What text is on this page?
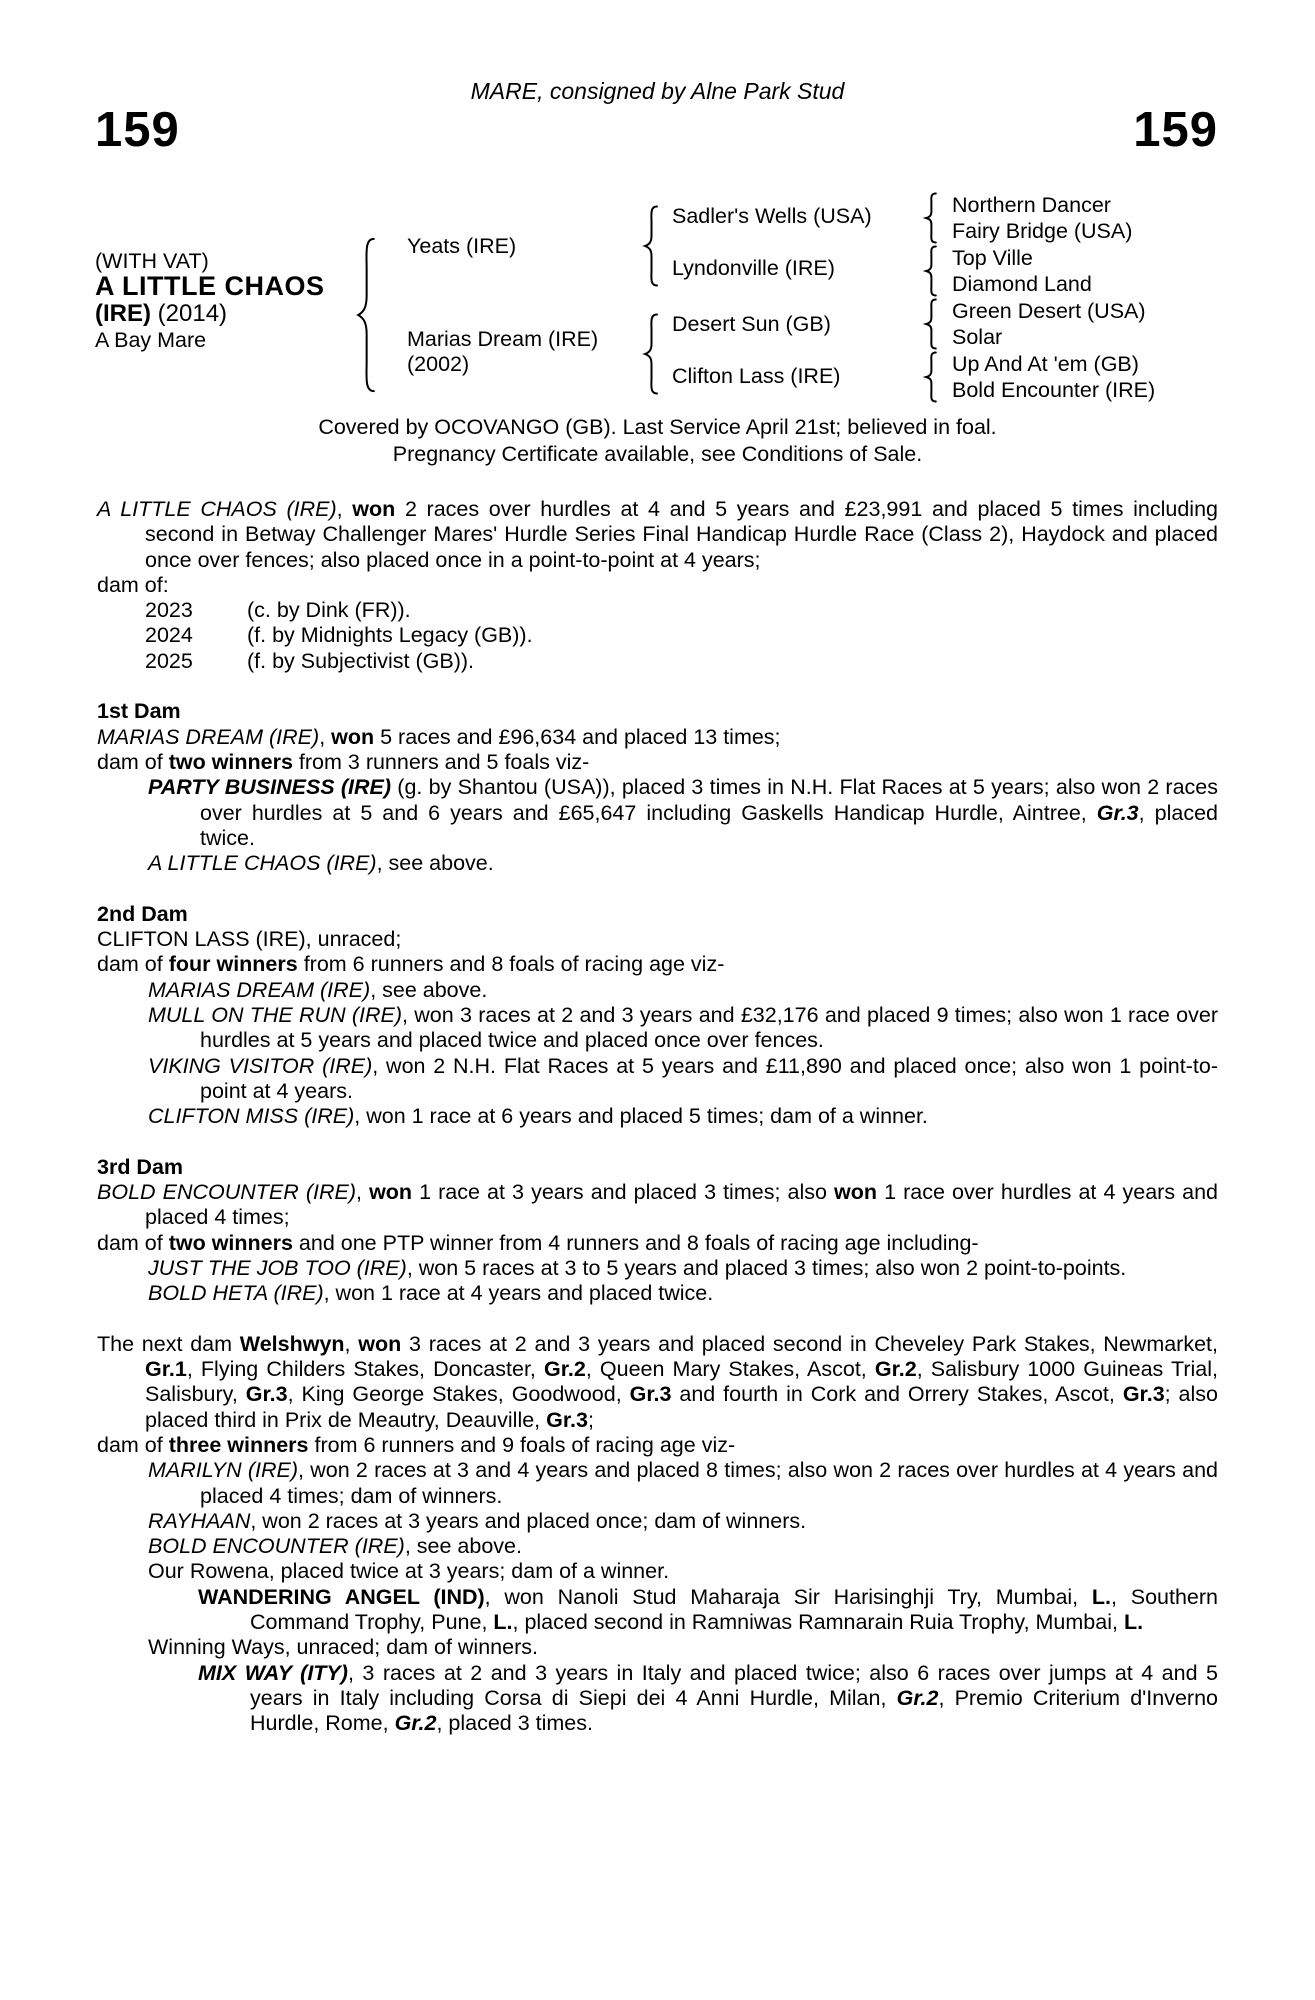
MARE, consigned by Alne Park Stud
159	159
(WITH VAT)
A LITTLE CHAOS
(IRE) (2014)
A Bay Mare
Yeats (IRE)
Marias Dream (IRE)
(2002)
Sadler's Wells (USA)
Lyndonville (IRE)
Desert Sun (GB)
Clifton Lass (IRE)
Northern Dancer
Fairy Bridge (USA)
Top Ville
Diamond Land
Green Desert (USA)
Solar
Up And At 'em (GB)
Bold Encounter (IRE)
Covered by OCOVANGO (GB). Last Service April 21st; believed in foal.
Pregnancy Certificate available, see Conditions of Sale.
A LITTLE CHAOS (IRE), won 2 races over hurdles at 4 and 5 years and £23,991 and placed 5 times including second in Betway Challenger Mares' Hurdle Series Final Handicap Hurdle Race (Class 2), Haydock and placed once over fences; also placed once in a point-to-point at 4 years;
dam of:
2023	(c. by Dink (FR)).
2024	(f. by Midnights Legacy (GB)).
2025	(f. by Subjectivist (GB)).
1st Dam
MARIAS DREAM (IRE), won 5 races and £96,634 and placed 13 times;
dam of two winners from 3 runners and 5 foals viz-
PARTY BUSINESS (IRE) (g. by Shantou (USA)), placed 3 times in N.H. Flat Races at 5 years; also won 2 races over hurdles at 5 and 6 years and £65,647 including Gaskells Handicap Hurdle, Aintree, Gr.3, placed twice.
A LITTLE CHAOS (IRE), see above.
2nd Dam
CLIFTON LASS (IRE), unraced;
dam of four winners from 6 runners and 8 foals of racing age viz-
MARIAS DREAM (IRE), see above.
MULL ON THE RUN (IRE), won 3 races at 2 and 3 years and £32,176 and placed 9 times; also won 1 race over hurdles at 5 years and placed twice and placed once over fences.
VIKING VISITOR (IRE), won 2 N.H. Flat Races at 5 years and £11,890 and placed once; also won 1 point-to-point at 4 years.
CLIFTON MISS (IRE), won 1 race at 6 years and placed 5 times; dam of a winner.
3rd Dam
BOLD ENCOUNTER (IRE), won 1 race at 3 years and placed 3 times; also won 1 race over hurdles at 4 years and placed 4 times;
dam of two winners and one PTP winner from 4 runners and 8 foals of racing age including-
JUST THE JOB TOO (IRE), won 5 races at 3 to 5 years and placed 3 times; also won 2 point-to-points.
BOLD HETA (IRE), won 1 race at 4 years and placed twice.
The next dam Welshwyn, won 3 races at 2 and 3 years and placed second in Cheveley Park Stakes, Newmarket, Gr.1, Flying Childers Stakes, Doncaster, Gr.2, Queen Mary Stakes, Ascot, Gr.2, Salisbury 1000 Guineas Trial, Salisbury, Gr.3, King George Stakes, Goodwood, Gr.3 and fourth in Cork and Orrery Stakes, Ascot, Gr.3; also placed third in Prix de Meautry, Deauville, Gr.3;
dam of three winners from 6 runners and 9 foals of racing age viz-
MARILYN (IRE), won 2 races at 3 and 4 years and placed 8 times; also won 2 races over hurdles at 4 years and placed 4 times; dam of winners.
RAYHAAN, won 2 races at 3 years and placed once; dam of winners.
BOLD ENCOUNTER (IRE), see above.
Our Rowena, placed twice at 3 years; dam of a winner.
WANDERING ANGEL (IND), won Nanoli Stud Maharaja Sir Harisinghji Try, Mumbai, L., Southern Command Trophy, Pune, L., placed second in Ramniwas Ramnarain Ruia Trophy, Mumbai, L.
Winning Ways, unraced; dam of winners.
MIX WAY (ITY), 3 races at 2 and 3 years in Italy and placed twice; also 6 races over jumps at 4 and 5 years in Italy including Corsa di Siepi dei 4 Anni Hurdle, Milan, Gr.2, Premio Criterium d'Inverno Hurdle, Rome, Gr.2, placed 3 times.
